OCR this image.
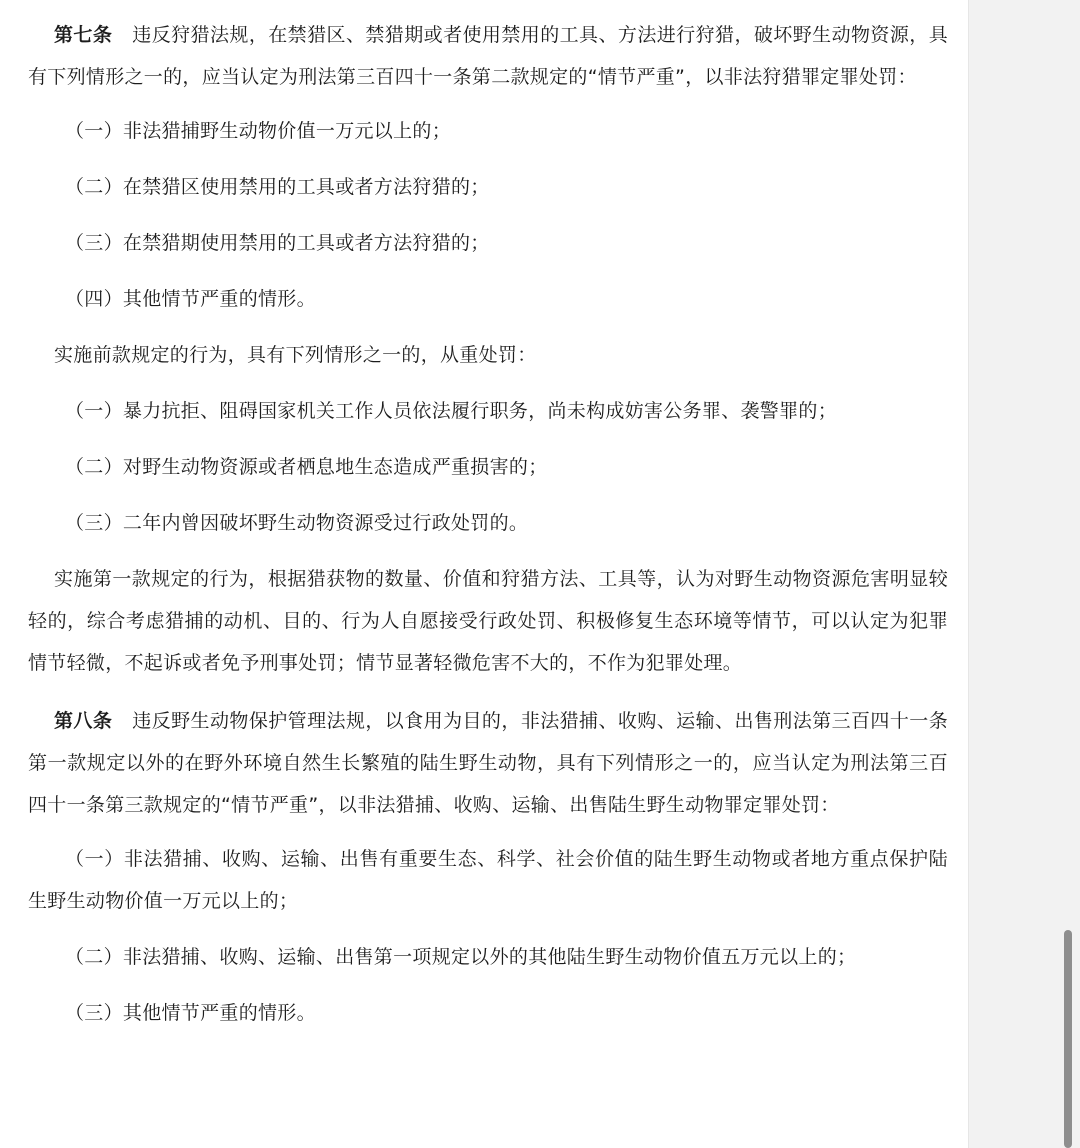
第七条 违反狩猎法规，在禁猎区、禁猎期或者使用禁用的工具、方法进行狩猎，破坏野生动物资源，具有下列情形之一的，应当认定为刑法第三百四十一条第二款规定的“情节严重”，以非法狩猎罪定罪处罚：

（一）非法猎捕野生动物价值一万元以上的；

（二）在禁猎区使用禁用的工具或者方法狩猎的；

（三）在禁猎期使用禁用的工具或者方法狩猎的；

（四）其他情节严重的情形。

实施前款规定的行为，具有下列情形之一的，从重处罚：

（一）暴力抗拒、阻碍国家机关工作人员依法履行职务，尚未构成妨害公务罪、袭警罪的；

（二）对野生动物资源或者栖息地生态造成严重损害的；

（三）二年内曾因破坏野生动物资源受过行政处罚的。

实施第一款规定的行为，根据猎获物的数量、价值和狩猎方法、工具等，认为对野生动物资源危害明显较轻的，综合考虑猎捕的动机、目的、行为人自愿接受行政处罚、积极修复生态环境等情节，可以认定为犯罪情节轻微，不起诉或者免予刑事处罚；情节显著轻微危害不大的，不作为犯罪处理。

第八条 违反野生动物保护管理法规，以食用为目的，非法猎捕、收购、运输、出售刑法第三百四十一条第一款规定以外的在野外环境自然生长繁殖的陆生野生动物，具有下列情形之一的，应当认定为刑法第三百四十一条第三款规定的“情节严重”，以非法猎捕、收购、运输、出售陆生野生动物罪定罪处罚：

（一）非法猎捕、收购、运输、出售有重要生态、科学、社会价值的陆生野生动物或者地方重点保护陆生野生动物价值一万元以上的；

（二）非法猎捕、收购、运输、出售第一项规定以外的其他陆生野生动物价值五万元以上的；

（三）其他情节严重的情形。
